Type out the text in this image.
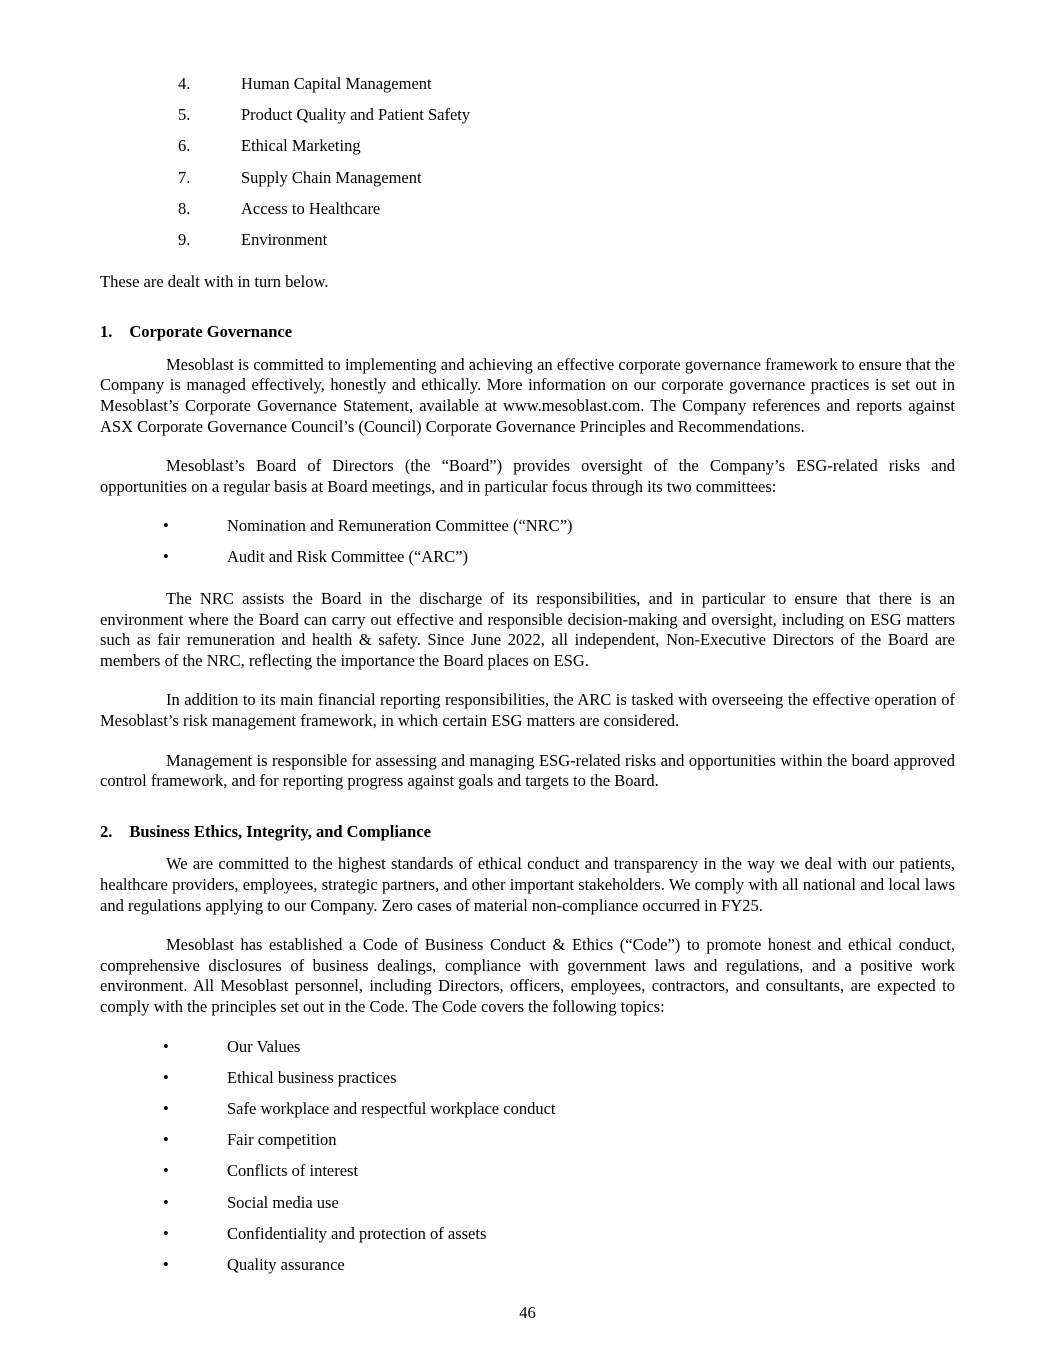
4.	Human Capital Management
5.	Product Quality and Patient Safety
6.	Ethical Marketing
7.	Supply Chain Management
8.	Access to Healthcare
9.	Environment

These are dealt with in turn below.

1. Corporate Governance

Mesoblast is committed to implementing and achieving an effective corporate governance framework to ensure that the Company is managed effectively, honestly and ethically. More information on our corporate governance practices is set out in Mesoblast’s Corporate Governance Statement, available at www.mesoblast.com. The Company references and reports against ASX Corporate Governance Council’s (Council) Corporate Governance Principles and Recommendations.

Mesoblast’s Board of Directors (the “Board”) provides oversight of the Company’s ESG-related risks and opportunities on a regular basis at Board meetings, and in particular focus through its two committees:

•
Nomination and Remuneration Committee (“NRC”)
•
Audit and Risk Committee (“ARC”)

The NRC assists the Board in the discharge of its responsibilities, and in particular to ensure that there is an environment where the Board can carry out effective and responsible decision-making and oversight, including on ESG matters such as fair remuneration and health & safety. Since June 2022, all independent, Non-Executive Directors of the Board are members of the NRC, reflecting the importance the Board places on ESG.

In addition to its main financial reporting responsibilities, the ARC is tasked with overseeing the effective operation of Mesoblast’s risk management framework, in which certain ESG matters are considered.

Management is responsible for assessing and managing ESG-related risks and opportunities within the board approved control framework, and for reporting progress against goals and targets to the Board.

2. Business Ethics, Integrity, and Compliance

We are committed to the highest standards of ethical conduct and transparency in the way we deal with our patients, healthcare providers, employees, strategic partners, and other important stakeholders. We comply with all national and local laws and regulations applying to our Company. Zero cases of material non-compliance occurred in FY25.

Mesoblast has established a Code of Business Conduct & Ethics (“Code”) to promote honest and ethical conduct, comprehensive disclosures of business dealings, compliance with government laws and regulations, and a positive work environment. All Mesoblast personnel, including Directors, officers, employees, contractors, and consultants, are expected to comply with the principles set out in the Code. The Code covers the following topics:

•
Our Values
•
Ethical business practices
•
Safe workplace and respectful workplace conduct
•
Fair competition
•
Conflicts of interest
•
Social media use
•
Confidentiality and protection of assets
•
Quality assurance
46
